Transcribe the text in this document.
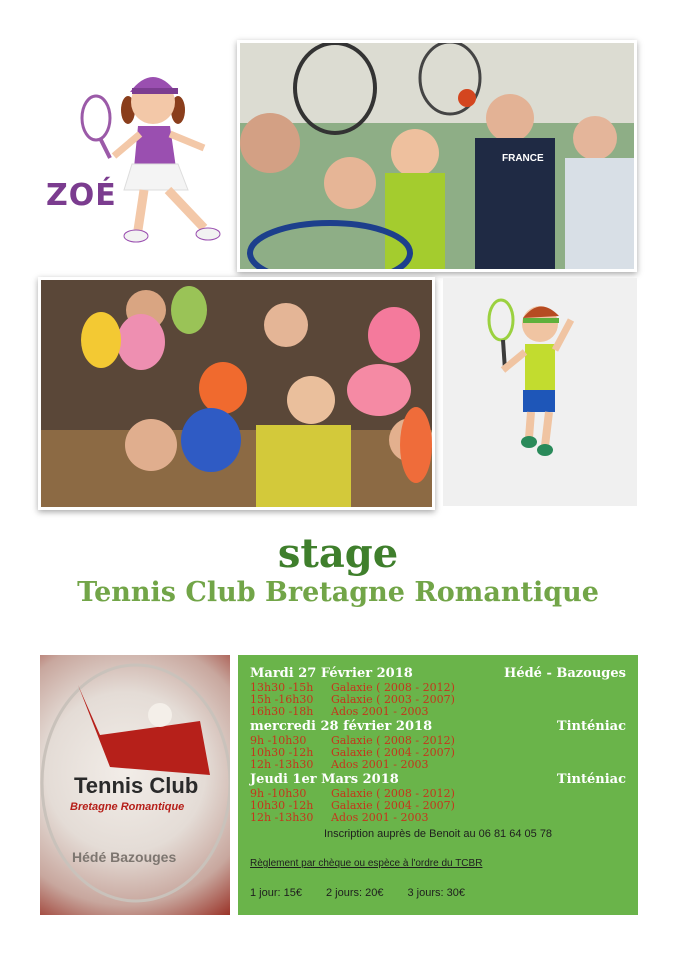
ZOÉ
FRANCE
stage
Tennis Club Bretagne Romantique
Tennis Club
Bretagne Romantique
Hédé Bazouges
Mardi 27 Février 2018	Hédé - Bazouges
13h30 -15h	Galaxie ( 2008 - 2012)
15h -16h30	Galaxie ( 2003 - 2007)
16h30 -18h	Ados 2001 - 2003
mercredi 28 février 2018	Tinténiac
9h -10h30	Galaxie ( 2008 - 2012)
10h30 -12h	Galaxie ( 2004 - 2007)
12h -13h30	Ados 2001 - 2003
Jeudi 1er Mars 2018	Tinténiac
9h -10h30	Galaxie ( 2008 - 2012)
10h30 -12h	Galaxie ( 2004 - 2007)
12h -13h30	Ados 2001 - 2003
Inscription auprès de Benoit au 06 81 64 05 78
Règlement par chèque ou espèce à l'ordre du TCBR
1 jour: 15€ 2 jours: 20€ 3 jours: 30€
